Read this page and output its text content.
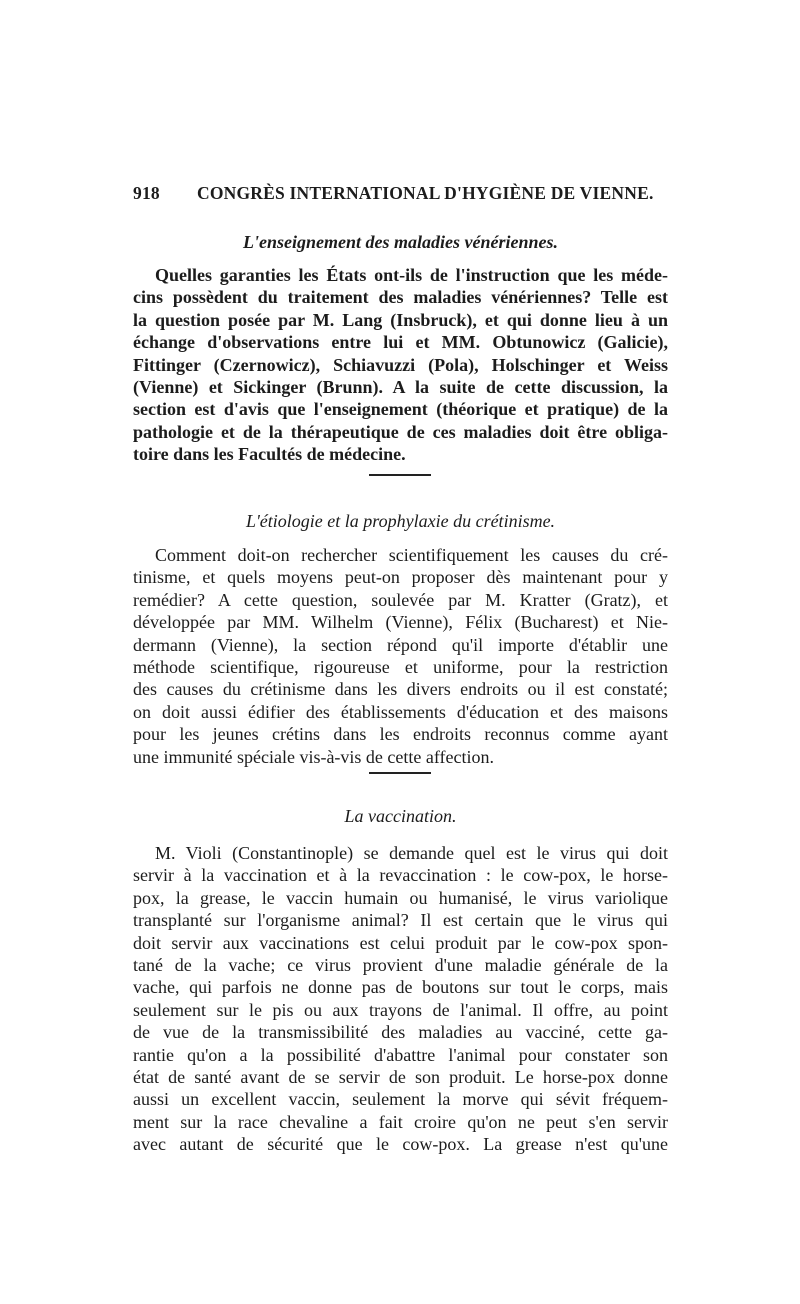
918 CONGRÈS INTERNATIONAL D'HYGIÈNE DE VIENNE.
L'enseignement des maladies vénériennes.
Quelles garanties les États ont-ils de l'instruction que les méde-
cins possèdent du traitement des maladies vénériennes? Telle est
la question posée par M. Lang (Insbruck), et qui donne lieu à un
échange d'observations entre lui et MM. Obtunowicz (Galicie),
Fittinger (Czernowicz), Schiavuzzi (Pola), Holschinger et Weiss
(Vienne) et Sickinger (Brunn). A la suite de cette discussion, la
section est d'avis que l'enseignement (théorique et pratique) de la
pathologie et de la thérapeutique de ces maladies doit être obliga-
toire dans les Facultés de médecine.
L'étiologie et la prophylaxie du crétinisme.
Comment doit-on rechercher scientifiquement les causes du cré-
tinisme, et quels moyens peut-on proposer dès maintenant pour y
remédier? A cette question, soulevée par M. Kratter (Gratz), et
développée par MM. Wilhelm (Vienne), Félix (Bucharest) et Nie-
dermann (Vienne), la section répond qu'il importe d'établir une
méthode scientifique, rigoureuse et uniforme, pour la restriction
des causes du crétinisme dans les divers endroits ou il est constaté;
on doit aussi édifier des établissements d'éducation et des maisons
pour les jeunes crétins dans les endroits reconnus comme ayant
une immunité spéciale vis-à-vis de cette affection.
La vaccination.
M. Violi (Constantinople) se demande quel est le virus qui doit
servir à la vaccination et à la revaccination : le cow-pox, le horse-
pox, la grease, le vaccin humain ou humanisé, le virus variolique
transplanté sur l'organisme animal? Il est certain que le virus qui
doit servir aux vaccinations est celui produit par le cow-pox spon-
tané de la vache; ce virus provient d'une maladie générale de la
vache, qui parfois ne donne pas de boutons sur tout le corps, mais
seulement sur le pis ou aux trayons de l'animal. Il offre, au point
de vue de la transmissibilité des maladies au vacciné, cette ga-
rantie qu'on a la possibilité d'abattre l'animal pour constater son
état de santé avant de se servir de son produit. Le horse-pox donne
aussi un excellent vaccin, seulement la morve qui sévit fréquem-
ment sur la race chevaline a fait croire qu'on ne peut s'en servir
avec autant de sécurité que le cow-pox. La grease n'est qu'une
